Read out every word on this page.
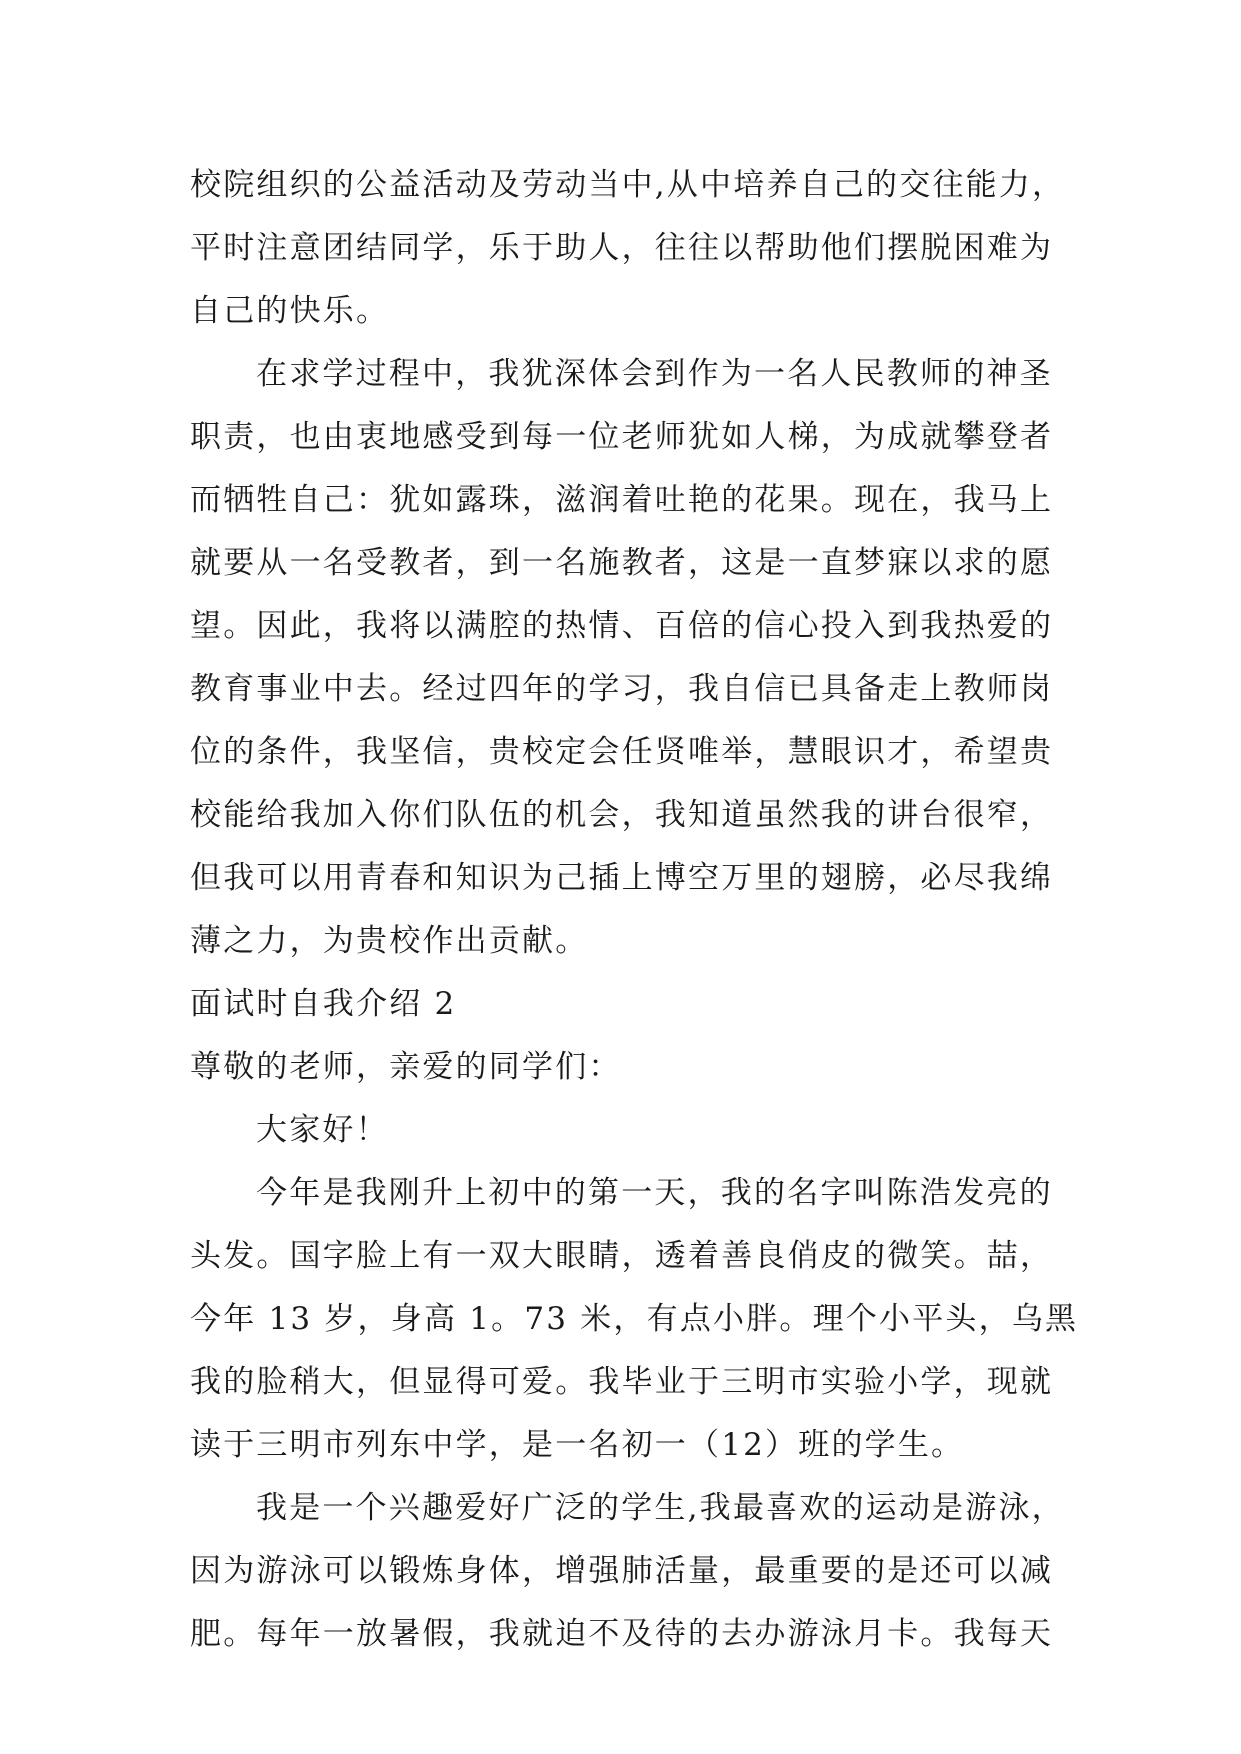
校院组织的公益活动及劳动当中,从中培养自己的交往能力，
平时注意团结同学，乐于助人，往往以帮助他们摆脱困难为
自己的快乐。
在求学过程中，我犹深体会到作为一名人民教师的神圣
职责，也由衷地感受到每一位老师犹如人梯，为成就攀登者
而牺牲自己：犹如露珠，滋润着吐艳的花果。现在，我马上
就要从一名受教者，到一名施教者，这是一直梦寐以求的愿
望。因此，我将以满腔的热情、百倍的信心投入到我热爱的
教育事业中去。经过四年的学习，我自信已具备走上教师岗
位的条件，我坚信，贵校定会任贤唯举，慧眼识才，希望贵
校能给我加入你们队伍的机会，我知道虽然我的讲台很窄，
但我可以用青春和知识为己插上博空万里的翅膀，必尽我绵
薄之力，为贵校作出贡献。
面试时自我介绍 2
尊敬的老师，亲爱的同学们：
大家好！
今年是我刚升上初中的第一天，我的名字叫陈浩发亮的
头发。国字脸上有一双大眼睛，透着善良俏皮的微笑。喆，
今年 13 岁，身高 1。73 米，有点小胖。理个小平头，乌黑
我的脸稍大，但显得可爱。我毕业于三明市实验小学，现就
读于三明市列东中学，是一名初一（12）班的学生。
我是一个兴趣爱好广泛的学生,我最喜欢的运动是游泳，
因为游泳可以锻炼身体，增强肺活量，最重要的是还可以减
肥。每年一放暑假，我就迫不及待的去办游泳月卡。我每天
